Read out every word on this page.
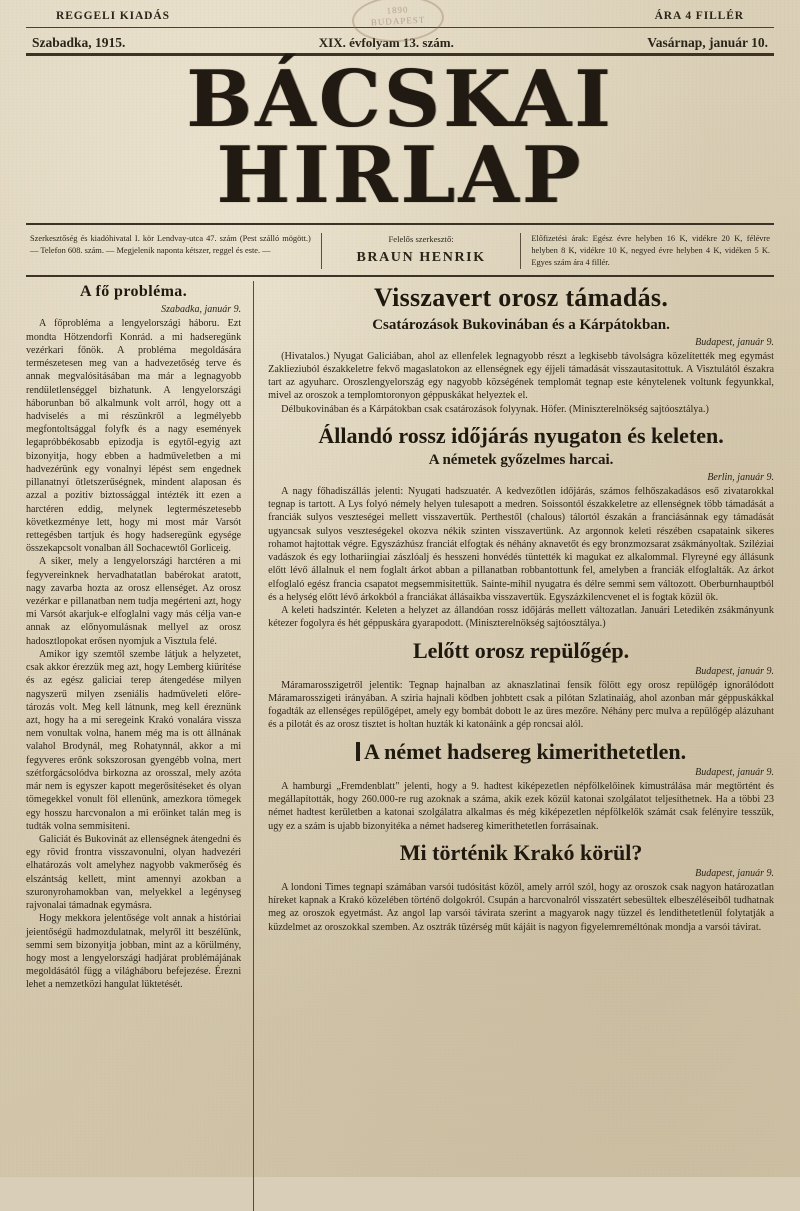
REGGELI KIADÁS	ÁRA 4 FILLÉR
1890
BUDAPEST
Szabadka, 1915.	XIX. évfolyam 13. szám.	Vasárnap, január 10.
BÁCSKAI HIRLAP
Szerkesztőség és kiadóhivatal I. kör Lendvay-utca 47. szám (Pest szálló mögött.) — Telefon 608. szám. — Megjelenik naponta kétszer, reggel és este. —
Felelős szerkesztő:
BRAUN HENRIK
Előfizetési árak: Egész évre helyben 16 K, vidékre 20 K, félévre helyben 8 K, vidékre 10 K, negyed évre helyben 4 K, vidéken 5 K. Egyes szám ára 4 fillér.
A fő probléma.
Szabadka, január 9.

A főprobléma a lengyelországi háboru. Ezt mondta Hötzendorfi Konrád. a mi hadseregünk vezérkari főnök. A probléma megoldására természetesen meg van a hadvezetőség terve és annak megvalósitásában ma már a legnagyobb rendületlenséggel bizhatunk. A lengyelországi háborunban bő alkalmunk volt arról, hogy ott a hadviselés a mi részünkről a legmélyebb megfontoltsággal folyfk és a nagy események legapróbbékosabb epizodja is egytől-egyig azt bizonyitja, hogy ebben a hadműveletben a mi hadvezérünk egy vonalnyi lépést sem engednek pillanatnyi ötletszerűségnek, mindent alaposan és azzal a pozitiv biztossággal intézték itt ezen a harctéren eddig, melynek legtermészetesebb következménye lett, hogy mi most már Varsót rettegésben tartjuk és hogy hadseregünk egysége összekapcsolt vonalban áll Sochacewtől Gorliceig.

A siker, mely a lengyelországi harctéren a mi fegyvereinknek hervadhatatlan babérokat aratott, nagy zavarba hozta az orosz ellenséget. Az orosz vezérkar e pillanatban nem tudja megérteni azt, hogy mi Varsót akarjuk-e elfoglalni vagy más célja van-e annak az előnyomulásnak mellyel az orosz hadosztlopokat erősen nyomjuk a Visztula felé.

Amikor igy szemtől szembe látjuk a helyzetet, csak akkor érezzük meg azt, hogy Lemberg kiürítése és az egész galiciai terep átengedése milyen nagyszerű milyen zseniális hadműveleti előre-tározás volt. Meg kell látnunk, meg kell éreznünk azt, hogy ha a mi seregeink Krakó vonalára vissza nem vonultak volna, hanem még ma is ott állnának valahol Brodynál, meg Rohatynnál, akkor a mi fegyveres erőnk sokszorosan gyengébb volna, mert szétforgácsolódva birkozna az orosszal, mely azóta már nem is egyszer kapott megerősítéseket és olyan tömegekkel vonult föl ellenünk, amezkora tömegek egy hosszu harcvonalon a mi erőinket talán meg is tudták volna semmisiteni.

Galiciát és Bukovinát az ellenségnek átengedni és egy rövid frontra visszavonulni, olyan hadvezéri elhatározás volt amelyhez nagyobb vakmerőség és elszántság kellett, mint amennyi azokban a szuronyrohamokban van, melyekkel a legényseg rajvonalai támadnak egymásra.

Hogy mekkora jelentősége volt annak a históriai jeientőségű hadmozdulatnak, melyről itt beszélünk, semmi sem bizonyitja jobban, mint az a körülmény, hogy most a lengyelországi hadjárat problémájának megoldásától függ a világháboru befejezése. Érezni lehet a nemzetközi hangulat lüktetését.

Visszavert orosz támadás.
Csatározások Bukovinában és a Kárpátokban.
Budapest, január 9.

(Hivatalos.) Nyugat Galiciában, ahol az ellenfelek legnagyobb részt a legkisebb távolságra közelítették meg egymást Zaklieziuból északkeletre fekvő magaslatokon az ellenségnek egy éjjeli támadását visszautasitottuk. A Visztulától északra tart az agyuharc. Oroszlengyelország egy nagyobb községének templomát tegnap este kénytelenek voltunk fegyunkkal, mivel az oroszok a templomtoronyon géppuskákat helyeztek el.

Délbukovinában és a Kárpátokban csak csatározások folyynak. Höfer. (Miniszterelnökség sajtóosztálya.)

Állandó rossz időjárás nyugaton és keleten.
A németek győzelmes harcai.
Berlin, január 9.

A nagy főhadiszállás jelenti: Nyugati hadszuatér. A kedvezőtlen időjárás, számos felhőszakadásos eső zivatarokkal tegnap is tartott. A Lys folyó némely helyen tulesapott a medren. Soissontól északkeletre az ellenségnek több támadását a franciák sulyos veszteségei mellett visszavertük. Perthestől (chalous) tálortól északán a franciásánnak egy támadását ugyancsak sulyos veszteségekel okozva nékik szinten visszavertünk. Az argonnok keleti részében csapataink sikeres rohamot hajtottak végre. Egyszázhúsz franciát elfogtak és néhány aknavetőt és egy bronzmozsarat zsákmányoltak. Sziléziai vadászok és egy lothariingiai zászlóalj és hesszeni honvédés tüntették ki magukat ez alkalommal. Flyreyné egy állásunk előtt lévő állalnuk el nem foglalt árkot abban a pillanatban robbantottunk fel, amelyben a franciák elfoglalták. Az árkot elfoglaló egész francia csapatot megsemmisitettük. Sainte-mihil nyugatra és délre semmi sem változott. Oberburnhauptból és a helység előtt lévő árkokból a franciákat állásaikba visszavertük. Egyszázkilencvenet el is fogtak közül ök.

A keleti hadszintér. Keleten a helyzet az állandóan rossz időjárás mellett változatlan. Januári Letedikén zsákmányunk kétezer fogolyra és hét géppuskára gyarapodott. (Miniszterelnökség sajtóosztálya.)

Lelőtt orosz repülőgép.
Budapest, január 9.

Máramarosszigetről jelentik: Tegnap hajnalban az aknaszlatinai fensík fölött egy orosz repülőgép ignorálódott Máramarosszigeti irányában. A sziria hajnali ködben johbtett csak a pilótan Szlatinaiág, ahol azonban már géppuskákkal fogadták az ellenséges repülőgépet, amely egy bombát dobott le az üres mezőre. Néhány perc mulva a repülőgép alázuhant és a pilotát és az orosz tisztet is holtan huzták ki katonáink a gép roncsai alól.

A német hadsereg kimerithetetlen.
Budapest, január 9.

A hamburgi „Fremdenblatt" jelenti, hogy a 9. hadtest kiképezetlen népfölkelőinek kimustrálása már megtörtént és megállapították, hogy 260.000-re rug azoknak a száma, akik ezek közül katonai szolgálatot teljesíthetnek. Ha a többi 23 német hadtest kerületben a katonai szolgálatra alkalmas és még kiképezetlen népfölkelők számát csak felényire tesszük, ugy ez a szám is ujabb bizonyitéka a német hadsereg kimerithetetlen forrásainak.

Mi történik Krakó körül?
Budapest, január 9.

A londoni Times tegnapi számában varsói tudósitást közöl, amely arról szól, hogy az oroszok csak nagyon határozatlan híreket kapnak a Krakó közelében történő dolgokról. Csupán a harcvonalról visszatért sebesültek elbeszéléseiből tudhatnak meg az oroszok egyetmást. Az angol lap varsói távirata szerint a magyarok nagy tüzzel és lendithetetlenül folytatják a küzdelmet az oroszokkal szemben. Az osztrák tüzérség műt kájáit is nagyon figyelemreméltónak mondja a varsói távirat.
